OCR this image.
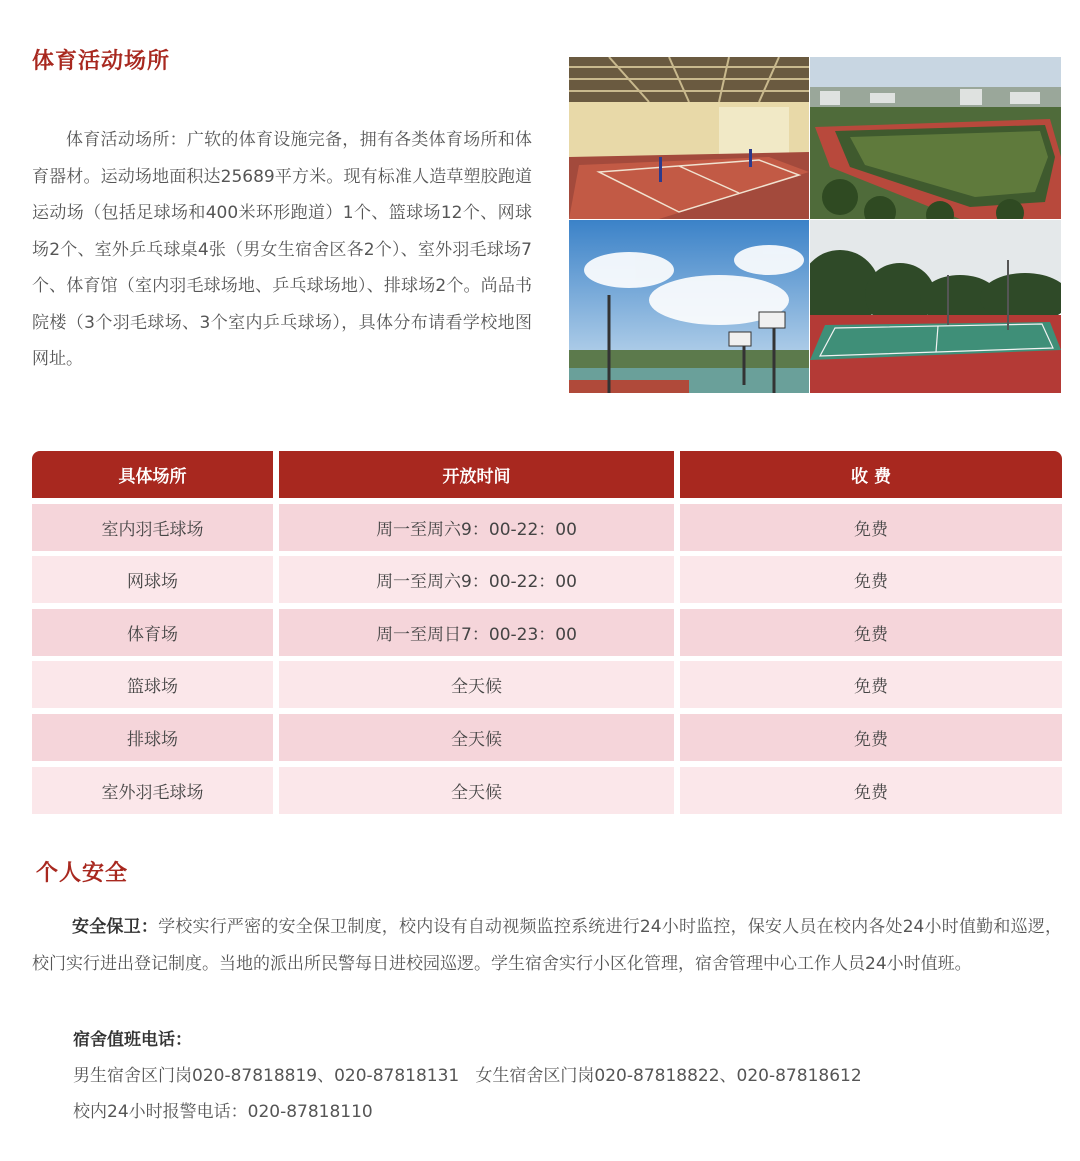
体育活动场所

体育活动场所：广软的体育设施完备，拥有各类体育场所和体育器材。运动场地面积达25689平方米。现有标准人造草塑胶跑道运动场（包括足球场和400米环形跑道）1个、篮球场12个、网球场2个、室外乒乓球桌4张（男女生宿舍区各2个）、室外羽毛球场7个、体育馆（室内羽毛球场地、乒乓球场地）、排球场2个。尚品书院楼（3个羽毛球场、3个室内乒乓球场），具体分布请看学校地图网址。

具体场所	开放时间	收 费
室内羽毛球场	周一至周六9：00-22：00	免费
网球场	周一至周六9：00-22：00	免费
体育场	周一至周日7：00-23：00	免费
篮球场	全天候	免费
排球场	全天候	免费
室外羽毛球场	全天候	免费
个人安全

安全保卫：学校实行严密的安全保卫制度，校内设有自动视频监控系统进行24小时监控，保安人员在校内各处24小时值勤和巡逻，校门实行进出登记制度。当地的派出所民警每日进校园巡逻。学生宿舍实行小区化管理，宿舍管理中心工作人员24小时值班。

宿舍值班电话：
男生宿舍区门岗020-87818819、020-87818131   女生宿舍区门岗020-87818822、020-87818612
校内24小时报警电话：020-87818110
